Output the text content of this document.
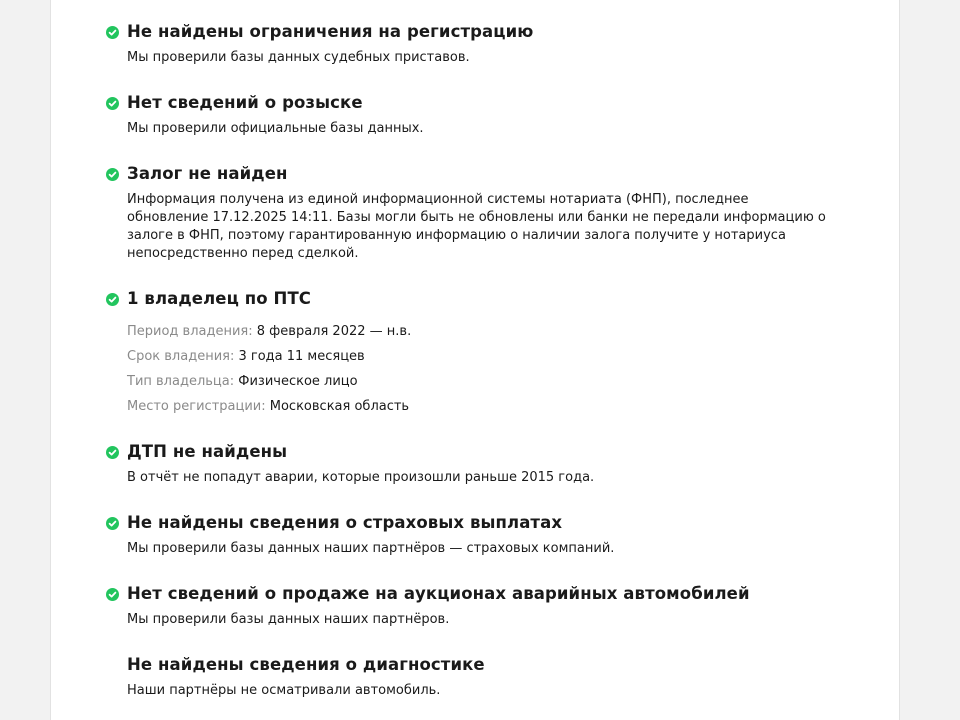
Не найдены ограничения на регистрацию
Мы проверили базы данных судебных приставов.
Нет сведений о розыске
Мы проверили официальные базы данных.
Залог не найден
Информация получена из единой информационной системы нотариата (ФНП), последнее
обновление 17.12.2025 14:11. Базы могли быть не обновлены или банки не передали информацию о
залоге в ФНП, поэтому гарантированную информацию о наличии залога получите у нотариуса
непосредственно перед сделкой.
1 владелец по ПТС
Период владения: 8 февраля 2022 — н.в.
Срок владения: 3 года 11 месяцев
Тип владельца: Физическое лицо
Место регистрации: Московская область
ДТП не найдены
В отчёт не попадут аварии, которые произошли раньше 2015 года.
Не найдены сведения о страховых выплатах
Мы проверили базы данных наших партнёров — страховых компаний.
Нет сведений о продаже на аукционах аварийных автомобилей
Мы проверили базы данных наших партнёров.
Не найдены сведения о диагностике
Наши партнёры не осматривали автомобиль.
